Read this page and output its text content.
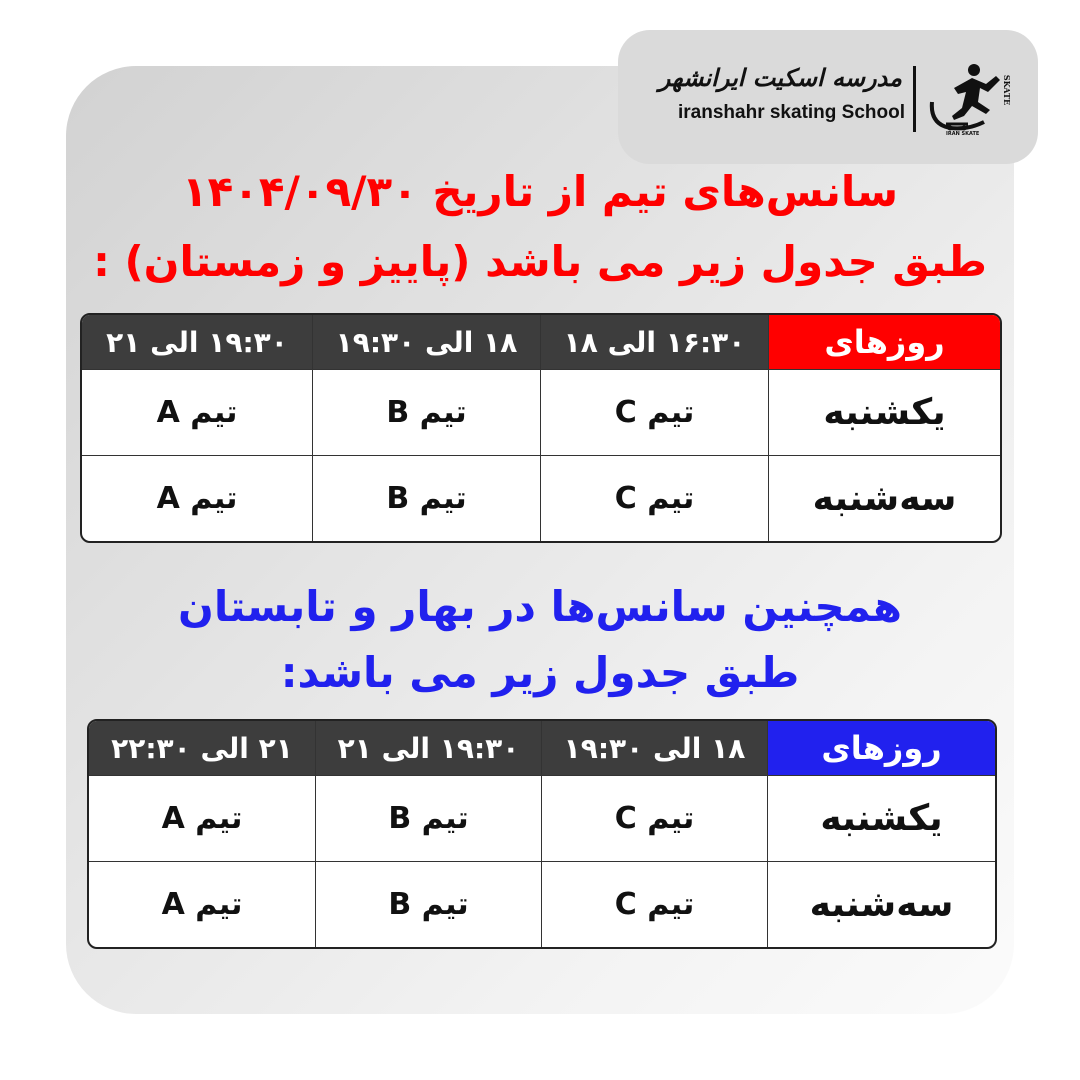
مدرسه اسکیت ایرانشهر
iranshahr skating School
IRAN SKATE
SKATE
سانس‌های تیم از تاریخ ۱۴۰۴/۰۹/۳۰
طبق جدول زیر می باشد (پاییز و زمستان) :
روزهای	۱۶:۳۰ الی ۱۸	۱۸ الی ۱۹:۳۰	۱۹:۳۰ الی ۲۱
یکشنبه	تیم C	تیم B	تیم A
سه‌شنبه	تیم C	تیم B	تیم A
همچنین سانس‌ها در بهار و تابستان
طبق جدول زیر می باشد:
روزهای	۱۸ الی ۱۹:۳۰	۱۹:۳۰ الی ۲۱	۲۱ الی ۲۲:۳۰
یکشنبه	تیم C	تیم B	تیم A
سه‌شنبه	تیم C	تیم B	تیم A
